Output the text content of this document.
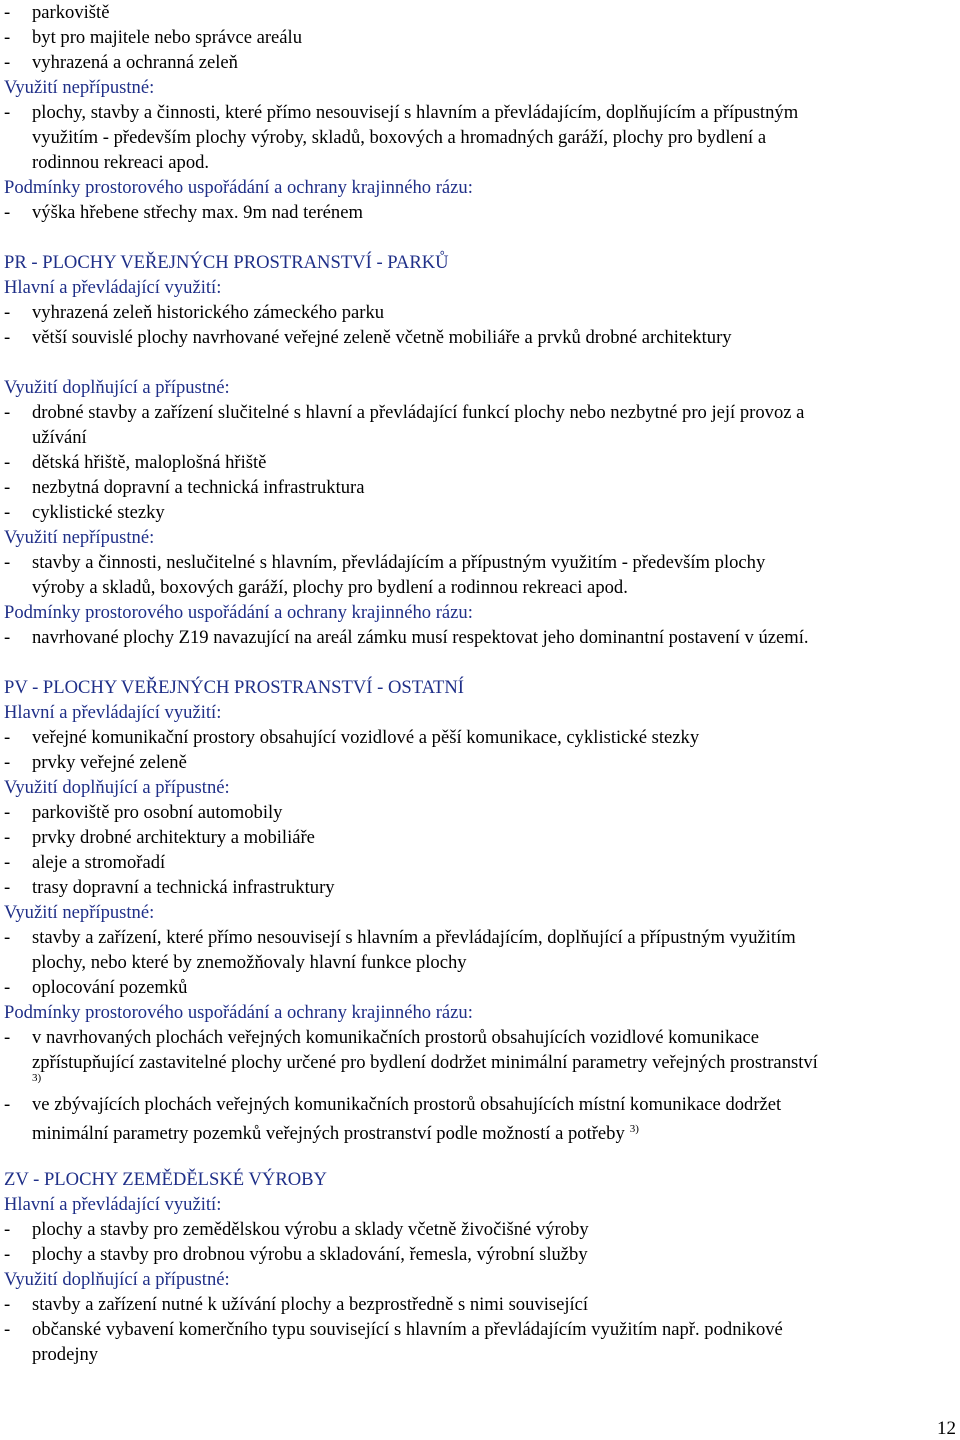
-	parkoviště
-	byt pro majitele nebo správce areálu
-	vyhrazená a ochranná zeleň
Využití nepřípustné:
-	plochy, stavby a činnosti, které přímo nesouvisejí s hlavním a převládajícím, doplňujícím a přípustným
využitím - především plochy výroby, skladů, boxových a hromadných garáží, plochy pro bydlení a
rodinnou rekreaci apod.
Podmínky prostorového uspořádání a ochrany krajinného rázu:
-	výška hřebene střechy max. 9m nad terénem

PR - PLOCHY VEŘEJNÝCH PROSTRANSTVÍ - PARKŮ
Hlavní a převládající využití:
-	vyhrazená zeleň historického zámeckého parku
-	větší souvislé plochy navrhované veřejné zeleně včetně mobiliáře a prvků drobné architektury

Využití doplňující a přípustné:
-	drobné stavby a zařízení slučitelné s hlavní a převládající funkcí plochy nebo nezbytné pro její provoz a
užívání
-	dětská hřiště, maloplošná hřiště
-	nezbytná dopravní a technická infrastruktura
-	cyklistické stezky
Využití nepřípustné:
-	stavby a činnosti, neslučitelné s hlavním, převládajícím a přípustným využitím - především plochy
výroby a skladů, boxových garáží, plochy pro bydlení a rodinnou rekreaci apod.
Podmínky prostorového uspořádání a ochrany krajinného rázu:
-	navrhované plochy Z19 navazující na areál zámku musí respektovat jeho dominantní postavení v území.

PV - PLOCHY VEŘEJNÝCH PROSTRANSTVÍ - OSTATNÍ
Hlavní a převládající využití:
-	veřejné komunikační prostory obsahující vozidlové a pěší komunikace, cyklistické stezky
-	prvky veřejné zeleně
Využití doplňující a přípustné:
-	parkoviště pro osobní automobily
-	prvky drobné architektury a mobiliáře
-	aleje a stromořadí
-	trasy dopravní a technická infrastruktury
Využití nepřípustné:
-	stavby a zařízení, které přímo nesouvisejí s hlavním a převládajícím, doplňující a přípustným využitím
plochy, nebo které by znemožňovaly hlavní funkce plochy
-	oplocování pozemků
Podmínky prostorového uspořádání a ochrany krajinného rázu:
-	v navrhovaných plochách veřejných komunikačních prostorů obsahujících vozidlové komunikace
zpřístupňující zastavitelné plochy určené pro bydlení dodržet minimální parametry veřejných prostranství
3)
-	ve zbývajících plochách veřejných komunikačních prostorů obsahujících místní komunikace dodržet
minimální parametry pozemků veřejných prostranství podle možností a potřeby $^{3)}$

ZV - PLOCHY ZEMĚDĚLSKÉ VÝROBY
Hlavní a převládající využití:
-	plochy a stavby pro zemědělskou výrobu a sklady včetně živočišné výroby
-	plochy a stavby pro drobnou výrobu a skladování, řemesla, výrobní služby
Využití doplňující a přípustné:
-	stavby a zařízení nutné k užívání plochy a bezprostředně s nimi související
-	občanské vybavení komerčního typu související s hlavním a převládajícím využitím např. podnikové
prodejny
12
